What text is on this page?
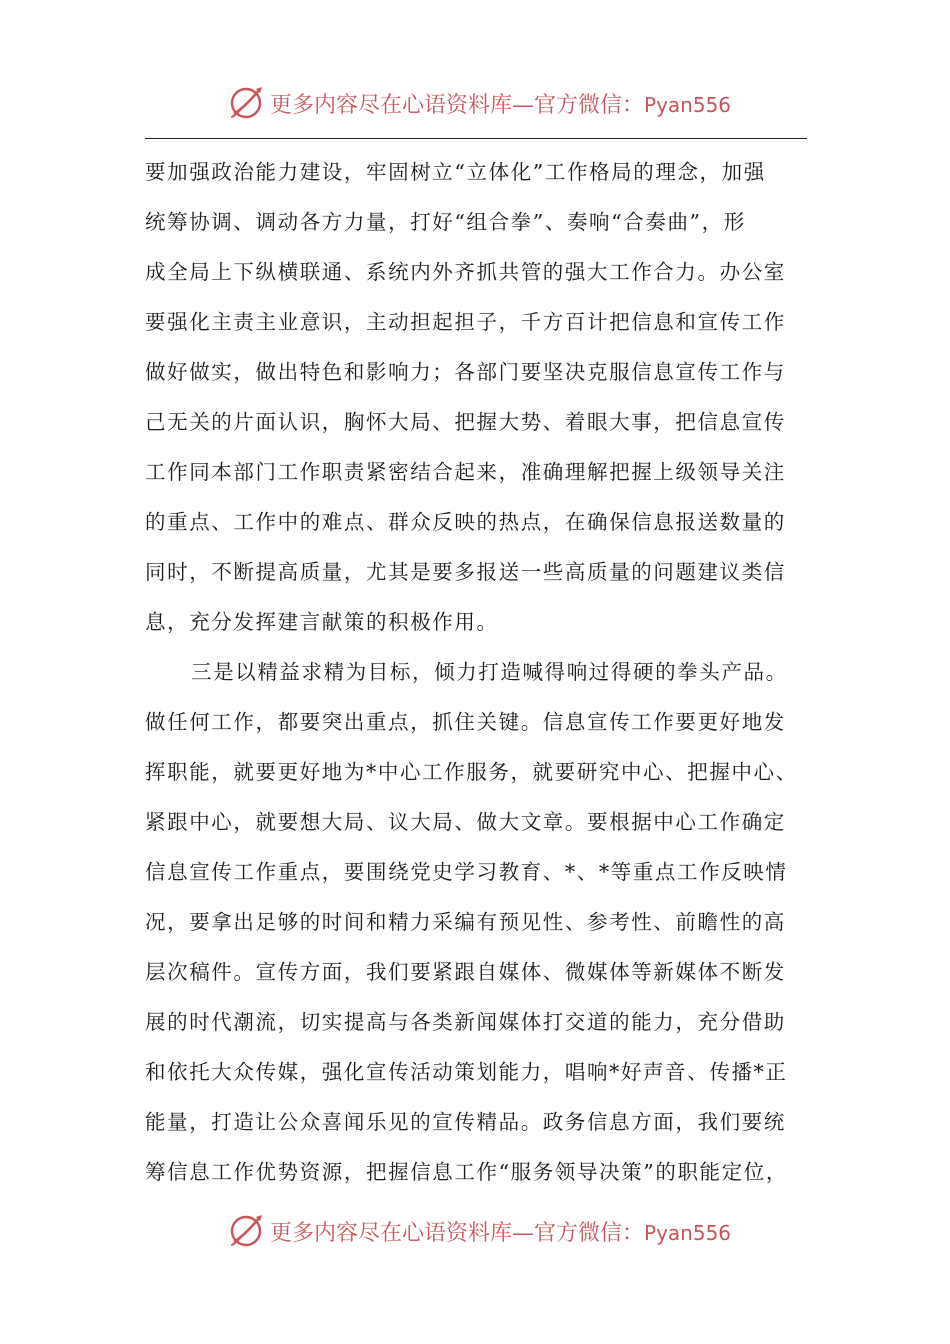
更多内容尽在心语资料库—官方微信：Pyan556
要加强政治能力建设，牢固树立“立体化”工作格局的理念，加强
统筹协调、调动各方力量，打好“组合拳”、奏响“合奏曲”，形
成全局上下纵横联通、系统内外齐抓共管的强大工作合力。办公室
要强化主责主业意识，主动担起担子，千方百计把信息和宣传工作
做好做实，做出特色和影响力；各部门要坚决克服信息宣传工作与
己无关的片面认识，胸怀大局、把握大势、着眼大事，把信息宣传
工作同本部门工作职责紧密结合起来，准确理解把握上级领导关注
的重点、工作中的难点、群众反映的热点，在确保信息报送数量的
同时，不断提高质量，尤其是要多报送一些高质量的问题建议类信
息，充分发挥建言献策的积极作用。
三是以精益求精为目标，倾力打造喊得响过得硬的拳头产品。
做任何工作，都要突出重点，抓住关键。信息宣传工作要更好地发
挥职能，就要更好地为*中心工作服务，就要研究中心、把握中心、
紧跟中心，就要想大局、议大局、做大文章。要根据中心工作确定
信息宣传工作重点，要围绕党史学习教育、*、*等重点工作反映情
况，要拿出足够的时间和精力采编有预见性、参考性、前瞻性的高
层次稿件。宣传方面，我们要紧跟自媒体、微媒体等新媒体不断发
展的时代潮流，切实提高与各类新闻媒体打交道的能力，充分借助
和依托大众传媒，强化宣传活动策划能力，唱响*好声音、传播*正
能量，打造让公众喜闻乐见的宣传精品。政务信息方面，我们要统
筹信息工作优势资源，把握信息工作“服务领导决策”的职能定位，
更多内容尽在心语资料库—官方微信：Pyan556
